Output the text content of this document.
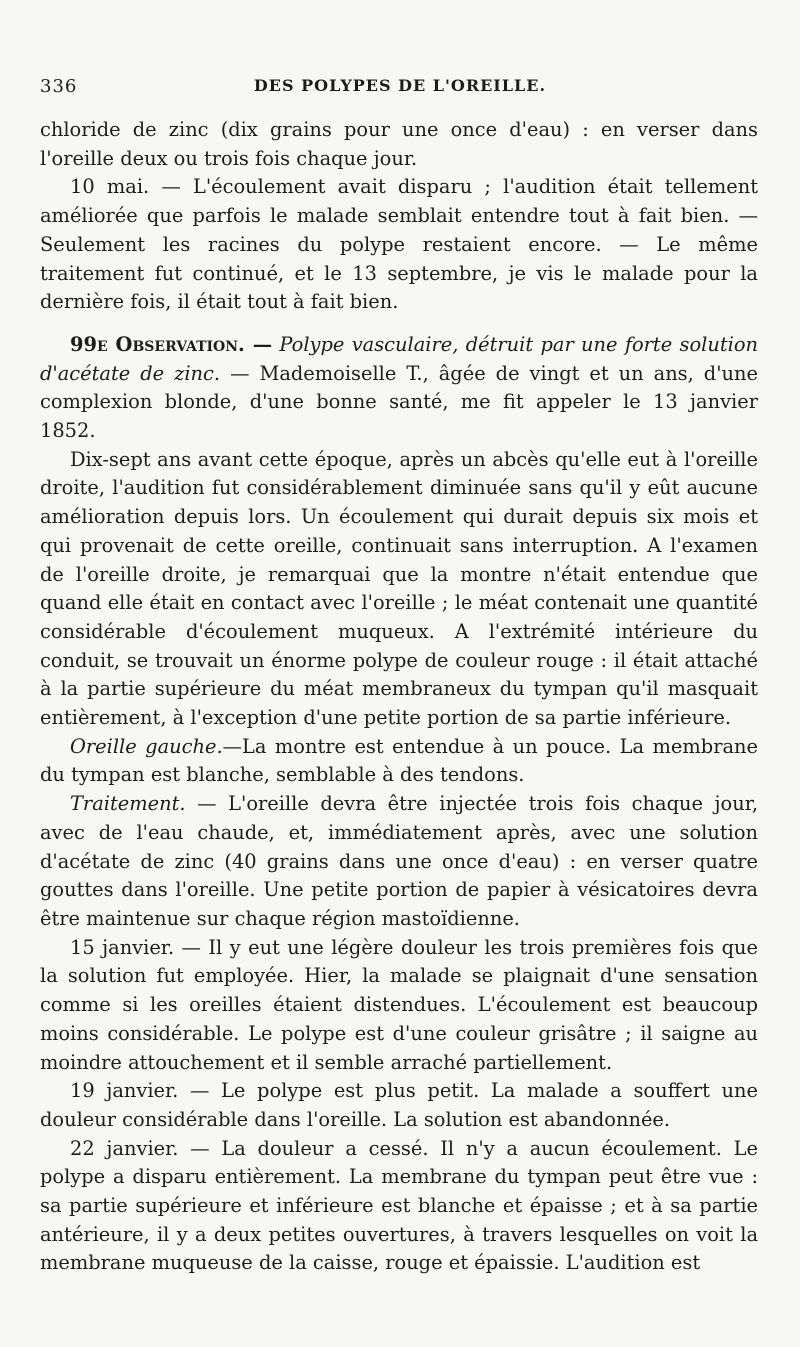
336	DES POLYPES DE L'OREILLE.

chloride de zinc (dix grains pour une once d'eau) : en verser dans l'oreille deux ou trois fois chaque jour.

10 mai. — L'écoulement avait disparu ; l'audition était tellement améliorée que parfois le malade semblait entendre tout à fait bien. — Seulement les racines du polype restaient encore. — Le même traitement fut continué, et le 13 septembre, je vis le malade pour la dernière fois, il était tout à fait bien.

99e Observation. — Polype vasculaire, détruit par une forte solution d'acétate de zinc. — Mademoiselle T., âgée de vingt et un ans, d'une complexion blonde, d'une bonne santé, me fit appeler le 13 janvier 1852.

Dix-sept ans avant cette époque, après un abcès qu'elle eut à l'oreille droite, l'audition fut considérablement diminuée sans qu'il y eût aucune amélioration depuis lors. Un écoulement qui durait depuis six mois et qui provenait de cette oreille, continuait sans interruption. A l'examen de l'oreille droite, je remarquai que la montre n'était entendue que quand elle était en contact avec l'oreille ; le méat contenait une quantité considérable d'écoulement muqueux. A l'extrémité intérieure du conduit, se trouvait un énorme polype de couleur rouge : il était attaché à la partie supérieure du méat membraneux du tympan qu'il masquait entièrement, à l'exception d'une petite portion de sa partie inférieure.

Oreille gauche.—La montre est entendue à un pouce. La membrane du tympan est blanche, semblable à des tendons.

Traitement. — L'oreille devra être injectée trois fois chaque jour, avec de l'eau chaude, et, immédiatement après, avec une solution d'acétate de zinc (40 grains dans une once d'eau) : en verser quatre gouttes dans l'oreille. Une petite portion de papier à vésicatoires devra être maintenue sur chaque région mastoïdienne.

15 janvier. — Il y eut une légère douleur les trois premières fois que la solution fut employée. Hier, la malade se plaignait d'une sensation comme si les oreilles étaient distendues. L'écoulement est beaucoup moins considérable. Le polype est d'une couleur grisâtre ; il saigne au moindre attouchement et il semble arraché partiellement.

19 janvier. — Le polype est plus petit. La malade a souffert une douleur considérable dans l'oreille. La solution est abandonnée.

22 janvier. — La douleur a cessé. Il n'y a aucun écoulement. Le polype a disparu entièrement. La membrane du tympan peut être vue : sa partie supérieure et inférieure est blanche et épaisse ; et à sa partie antérieure, il y a deux petites ouvertures, à travers lesquelles on voit la membrane muqueuse de la caisse, rouge et épaissie. L'audition est
